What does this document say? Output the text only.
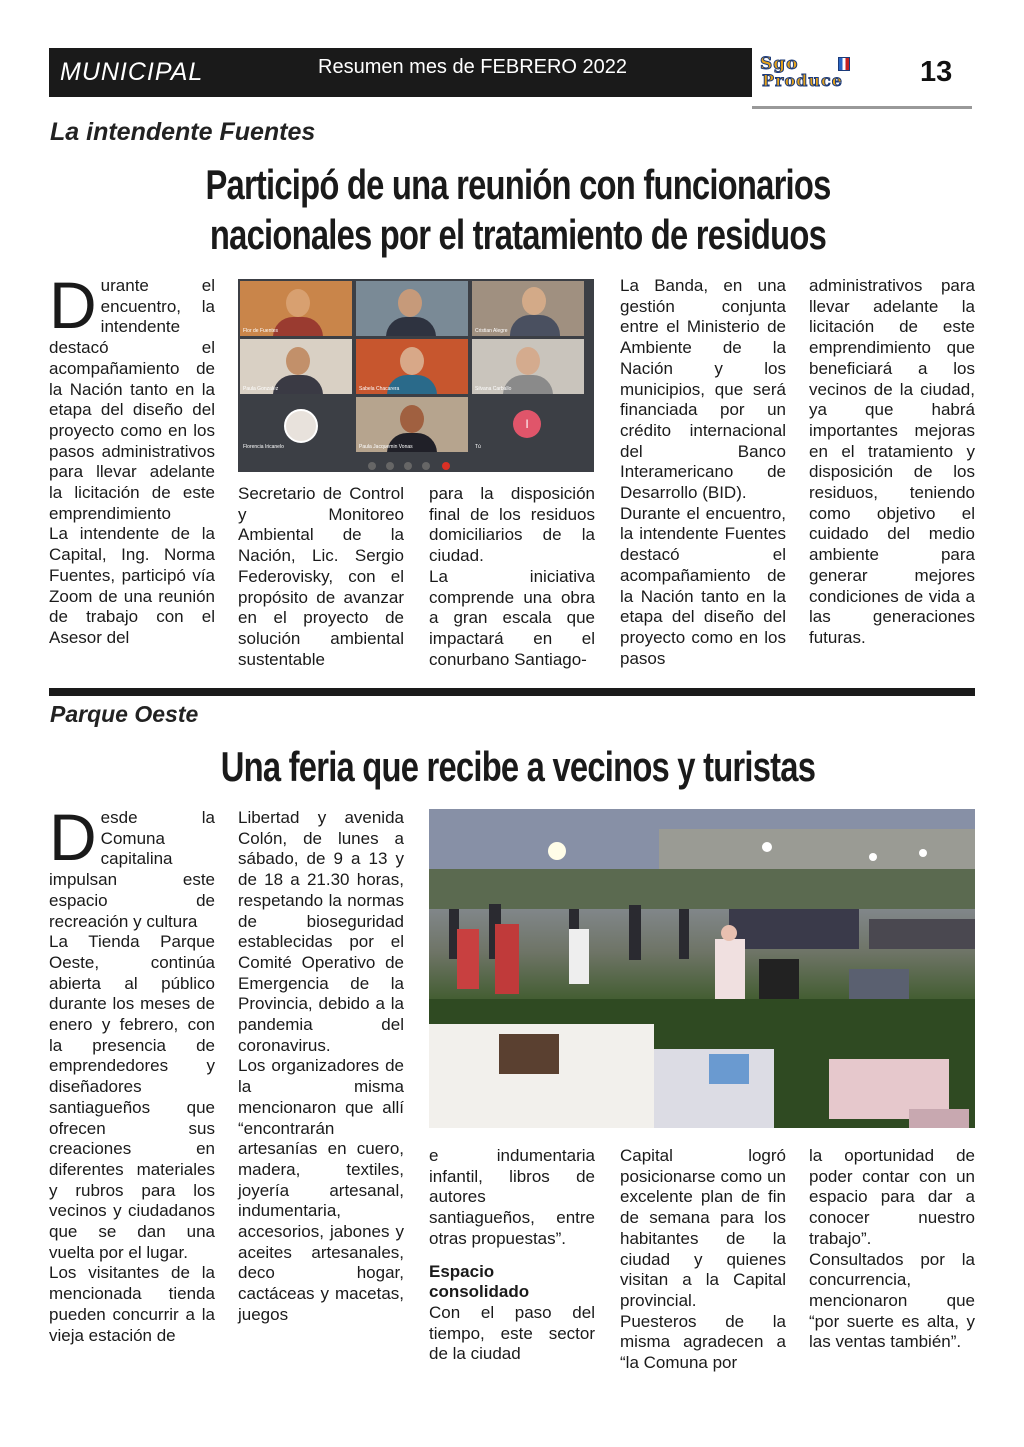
MUNICIPAL	Resumen mes de FEBRERO 2022	Sgo
Produce	13
La intendente Fuentes
Participó de una reunión con funcionarios
nacionales por el tratamiento de residuos
D urante el encuentro, la intendente destacó el acompañamiento de la Nación tanto en la etapa del diseño del proyecto como en los pasos administrativos para llevar adelante la licitación de este emprendimiento

La intendente de la Capital, Ing. Norma Fuentes, participó vía Zoom de una reunión de trabajo con el Asesor del

Flor de Fuentes	Cristian Alegre
Paula Gonzalez	Sabela Chacarera	Silvana Carballo
Florencia Iricanelo	Paula Jacquemin Vonas
I
Tú

Secretario de Control y Monitoreo Ambiental de la Nación, Lic. Sergio Federovisky, con el propósito de avanzar en el proyecto de solución ambiental sustentable

para la disposición final de los residuos domiciliarios de la ciudad.

La iniciativa comprende una obra a gran escala que impactará en el conurbano Santiago-

La Banda, en una gestión conjunta entre el Ministerio de Ambiente de la Nación y los municipios, que será financiada por un crédito internacional del Banco Interamericano de Desarrollo (BID).

Durante el encuentro, la intendente Fuentes destacó el acompañamiento de la Nación tanto en la etapa del diseño del proyecto como en los pasos

administrativos para llevar adelante la licitación de este emprendimiento que beneficiará a los vecinos de la ciudad, ya que habrá importantes mejoras en el tratamiento y disposición de los residuos, teniendo como objetivo el cuidado del medio ambiente para generar mejores condiciones de vida a las generaciones futuras.

Parque Oeste
Una feria que recibe a vecinos y turistas
D esde la Comuna capitalina impulsan este espacio de recreación y cultura

La Tienda Parque Oeste, continúa abierta al público durante los meses de enero y febrero, con la presencia de emprendedores y diseñadores santiagueños que ofrecen sus creaciones en diferentes materiales y rubros para los vecinos y ciudadanos que se dan una vuelta por el lugar.

Los visitantes de la mencionada tienda pueden concurrir a la vieja estación de

Libertad y avenida Colón, de lunes a sábado, de 9 a 13 y de 18 a 21.30 horas, respetando la normas de bioseguridad establecidas por el Comité Operativo de Emergencia de la Provincia, debido a la pandemia del coronavirus.

Los organizadores de la misma mencionaron que allí “encontrarán artesanías en cuero, madera, textiles, joyería artesanal, indumentaria, accesorios, jabones y aceites artesanales, deco hogar, cactáceas y macetas, juegos

e indumentaria infantil, libros de autores santiagueños, entre otras propuestas”.

Espacio consolidado

Con el paso del tiempo, este sector de la ciudad

Capital logró posicionarse como un excelente plan de fin de semana para los habitantes de la ciudad y quienes visitan a la Capital provincial.

Puesteros de la misma agradecen a “la Comuna por

la oportunidad de poder contar con un espacio para dar a conocer nuestro trabajo”.

Consultados por la concurrencia, mencionaron que “por suerte es alta, y las ventas también”.
